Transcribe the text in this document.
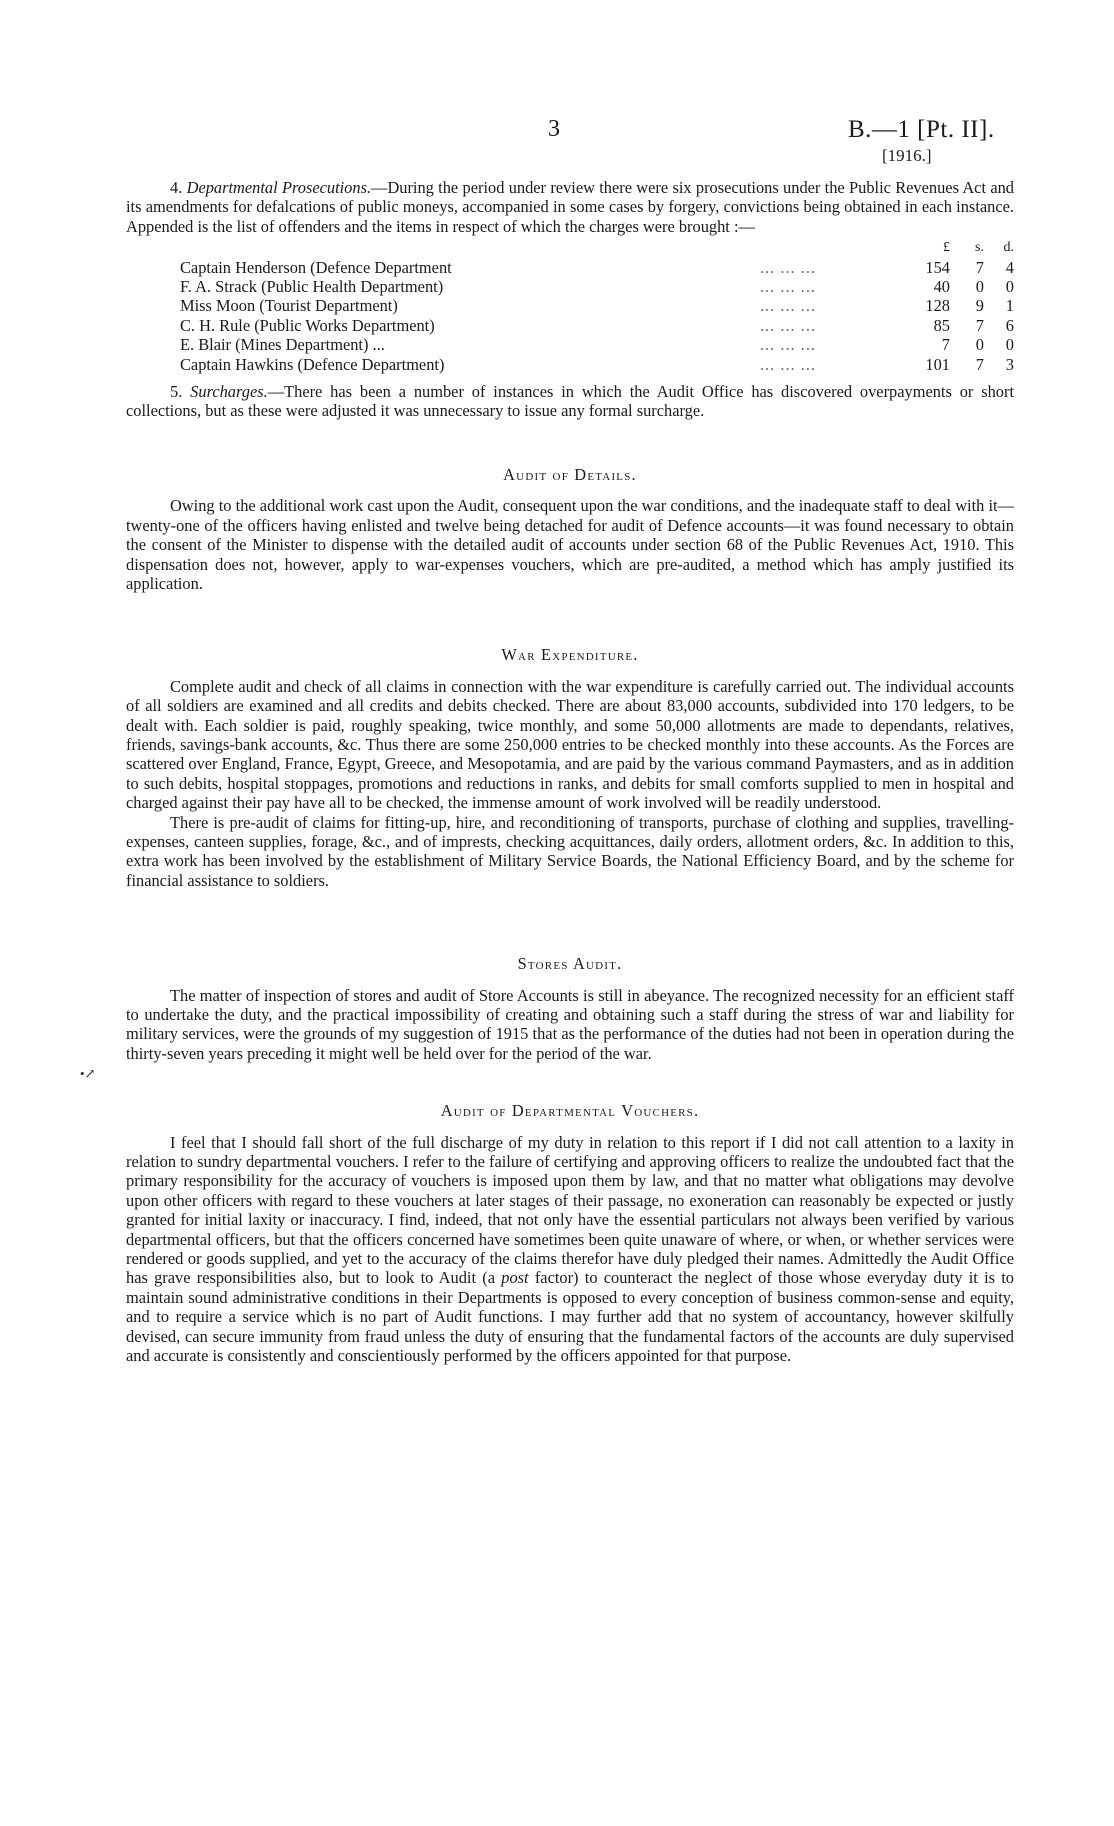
3	B.—1 [Pt. II].
[1916.]
•↗

4. Departmental Prosecutions.—During the period under review there were six prosecutions under the Public Revenues Act and its amendments for defalcations of public moneys, accompanied in some cases by forgery, convictions being obtained in each instance. Appended is the list of offenders and the items in respect of which the charges were brought :—

		£	s.	d.
Captain Henderson (Defence Department	... ... ...	154	7	4
F. A. Strack (Public Health Department)	... ... ...	40	0	0
Miss Moon (Tourist Department)	... ... ...	128	9	1
C. H. Rule (Public Works Department)	... ... ...	85	7	6
E. Blair (Mines Department) ...	... ... ...	7	0	0
Captain Hawkins (Defence Department)	... ... ...	101	7	3

5. Surcharges.—There has been a number of instances in which the Audit Office has discovered overpayments or short collections, but as these were adjusted it was unnecessary to issue any formal surcharge.

Audit of Details.

Owing to the additional work cast upon the Audit, consequent upon the war conditions, and the inadequate staff to deal with it—twenty-one of the officers having enlisted and twelve being detached for audit of Defence accounts—it was found necessary to obtain the consent of the Minister to dispense with the detailed audit of accounts under section 68 of the Public Revenues Act, 1910. This dispensation does not, however, apply to war-expenses vouchers, which are pre-audited, a method which has amply justified its application.

War Expenditure.

Complete audit and check of all claims in connection with the war expenditure is carefully carried out. The individual accounts of all soldiers are examined and all credits and debits checked. There are about 83,000 accounts, subdivided into 170 ledgers, to be dealt with. Each soldier is paid, roughly speaking, twice monthly, and some 50,000 allotments are made to dependants, relatives, friends, savings-bank accounts, &c. Thus there are some 250,000 entries to be checked monthly into these accounts. As the Forces are scattered over England, France, Egypt, Greece, and Mesopotamia, and are paid by the various command Paymasters, and as in addition to such debits, hospital stoppages, promotions and reductions in ranks, and debits for small comforts supplied to men in hospital and charged against their pay have all to be checked, the immense amount of work involved will be readily understood.

There is pre-audit of claims for fitting-up, hire, and reconditioning of transports, purchase of clothing and supplies, travelling-expenses, canteen supplies, forage, &c., and of imprests, checking acquittances, daily orders, allotment orders, &c. In addition to this, extra work has been involved by the establishment of Military Service Boards, the National Efficiency Board, and by the scheme for financial assistance to soldiers.

Stores Audit.

The matter of inspection of stores and audit of Store Accounts is still in abeyance. The recognized necessity for an efficient staff to undertake the duty, and the practical impossibility of creating and obtaining such a staff during the stress of war and liability for military services, were the grounds of my suggestion of 1915 that as the performance of the duties had not been in operation during the thirty-seven years preceding it might well be held over for the period of the war.

Audit of Departmental Vouchers.

I feel that I should fall short of the full discharge of my duty in relation to this report if I did not call attention to a laxity in relation to sundry departmental vouchers. I refer to the failure of certifying and approving officers to realize the undoubted fact that the primary responsibility for the accuracy of vouchers is imposed upon them by law, and that no matter what obligations may devolve upon other officers with regard to these vouchers at later stages of their passage, no exoneration can reasonably be expected or justly granted for initial laxity or inaccuracy. I find, indeed, that not only have the essential particulars not always been verified by various departmental officers, but that the officers concerned have sometimes been quite unaware of where, or when, or whether services were rendered or goods supplied, and yet to the accuracy of the claims therefor have duly pledged their names. Admittedly the Audit Office has grave responsibilities also, but to look to Audit (a post factor) to counteract the neglect of those whose everyday duty it is to maintain sound administrative conditions in their Departments is opposed to every conception of business common-sense and equity, and to require a service which is no part of Audit functions. I may further add that no system of accountancy, however skilfully devised, can secure immunity from fraud unless the duty of ensuring that the fundamental factors of the accounts are duly supervised and accurate is consistently and conscientiously performed by the officers appointed for that purpose.
